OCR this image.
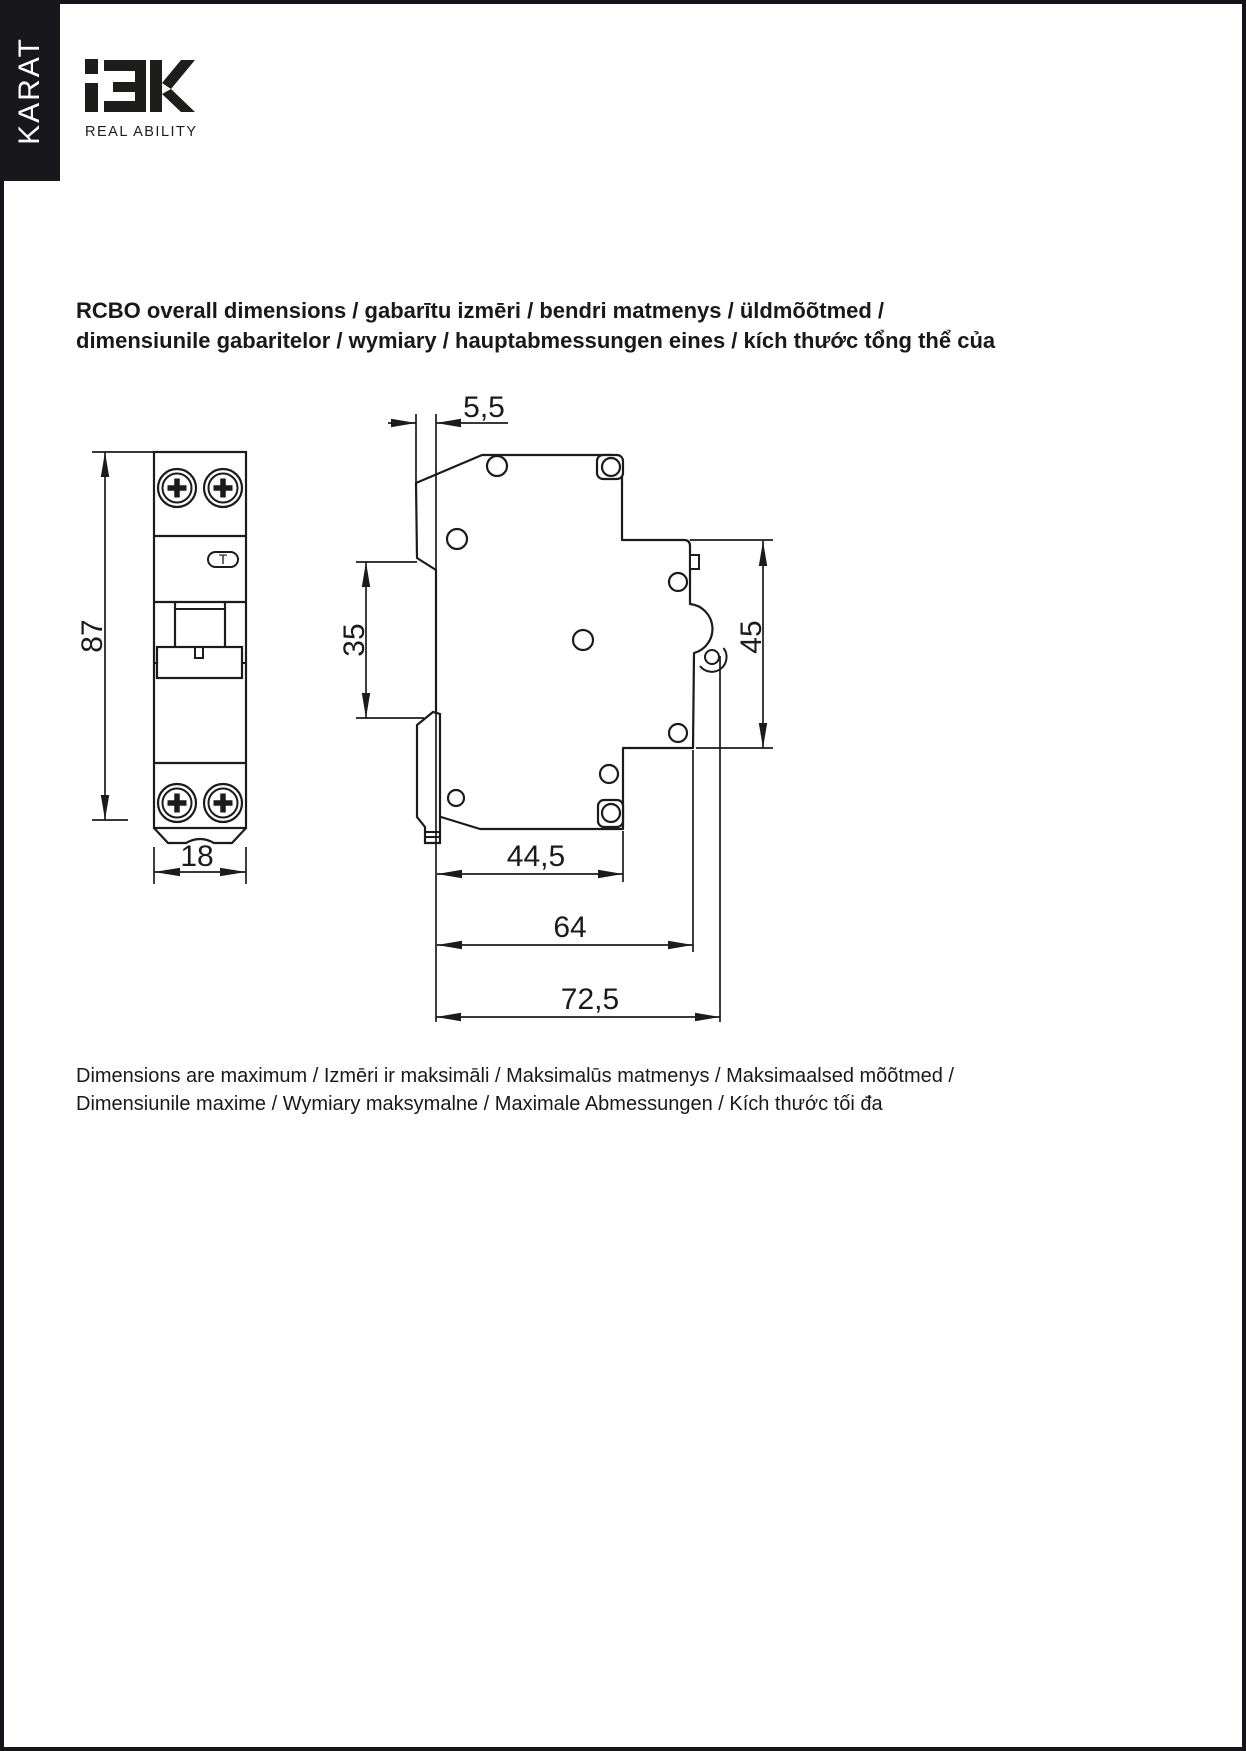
KARAT	REAL ABILITY
RCBO overall dimensions / gabarītu izmēri / bendri matmenys / üldmõõtmed /
dimensiunile gabaritelor / wymiary / hauptabmessungen eines / kích thước tổng thể của
T
87
18
5,5
35	45
44,5
64
72,5
Dimensions are maximum / Izmēri ir maksimāli / Maksimalūs matmenys / Maksimaalsed mõõtmed /
Dimensiunile maxime / Wymiary maksymalne / Maximale Abmessungen / Kích thước tối đa
